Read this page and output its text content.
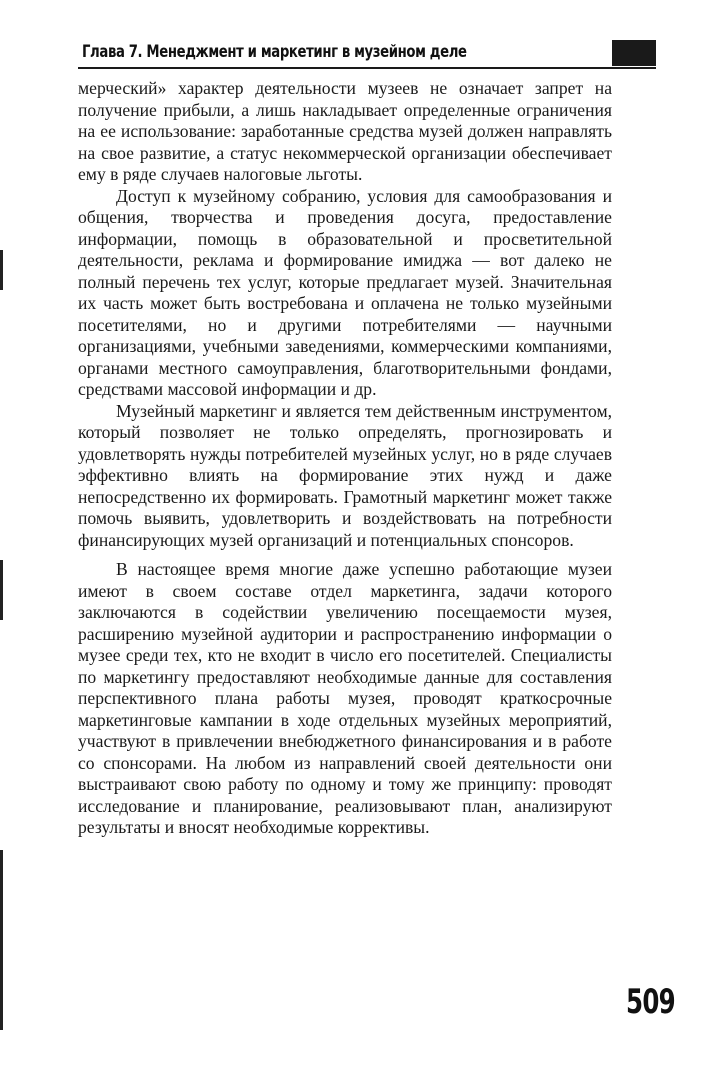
Глава 7. Менеджмент и маркетинг в музейном деле

мерческий» характер деятельности музеев не означает запрет на получение прибыли, а лишь накладывает определенные ограничения на ее использование: заработанные средства музей должен направлять на свое развитие, а статус некоммерческой организации обеспечивает ему в ряде случаев налоговые льготы.

Доступ к музейному собранию, условия для самообразования и общения, творчества и проведения досуга, предоставление информации, помощь в образовательной и просветительной деятельности, реклама и формирование имиджа — вот далеко не полный перечень тех услуг, которые предлагает музей. Значительная их часть может быть востребована и оплачена не только музейными посетителями, но и другими потребителями — научными организациями, учебными заведениями, коммерческими компаниями, органами местного самоуправления, благотворительными фондами, средствами массовой информации и др.

Музейный маркетинг и является тем действенным инструментом, который позволяет не только определять, прогнозировать и удовлетворять нужды потребителей музейных услуг, но в ряде случаев эффективно влиять на формирование этих нужд и даже непосредственно их формировать. Грамотный маркетинг может также помочь выявить, удовлетворить и воздействовать на потребности финансирующих музей организаций и потенциальных спонсоров.

В настоящее время многие даже успешно работающие музеи имеют в своем составе отдел маркетинга, задачи которого заключаются в содействии увеличению посещаемости музея, расширению музейной аудитории и распространению информации о музее среди тех, кто не входит в число его посетителей. Специалисты по маркетингу предоставляют необходимые данные для составления перспективного плана работы музея, проводят краткосрочные маркетинговые кампании в ходе отдельных музейных мероприятий, участвуют в привлечении внебюджетного финансирования и в работе со спонсорами. На любом из направлений своей деятельности они выстраивают свою работу по одному и тому же принципу: проводят исследование и планирование, реализовывают план, анализируют результаты и вносят необходимые коррективы.

509
